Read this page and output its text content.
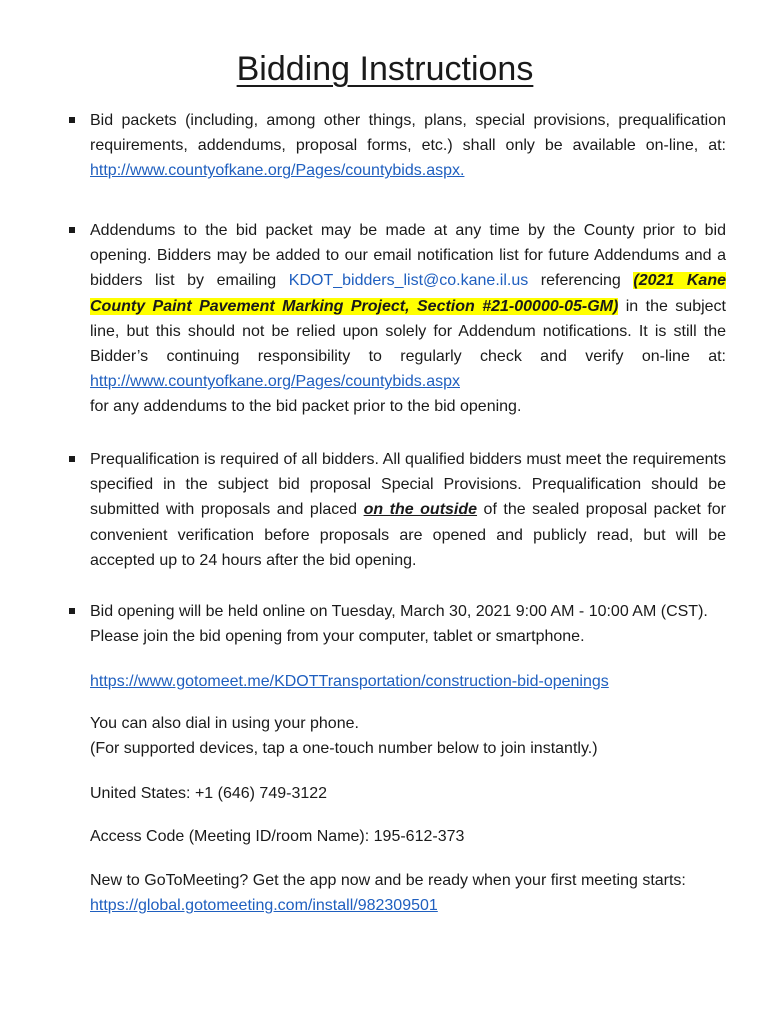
Bidding Instructions
Bid packets (including, among other things, plans, special provisions, prequalification requirements, addendums, proposal forms, etc.) shall only be available on-line, at: http://www.countyofkane.org/Pages/countybids.aspx.
Addendums to the bid packet may be made at any time by the County prior to bid opening. Bidders may be added to our email notification list for future Addendums and a bidders list by emailing KDOT_bidders_list@co.kane.il.us referencing (2021 Kane County Paint Pavement Marking Project, Section #21-00000-05-GM) in the subject line, but this should not be relied upon solely for Addendum notifications. It is still the Bidder’s continuing responsibility to regularly check and verify on-line at: http://www.countyofkane.org/Pages/countybids.aspx
for any addendums to the bid packet prior to the bid opening.
Prequalification is required of all bidders. All qualified bidders must meet the requirements specified in the subject bid proposal Special Provisions. Prequalification should be submitted with proposals and placed on the outside of the sealed proposal packet for convenient verification before proposals are opened and publicly read, but will be accepted up to 24 hours after the bid opening.
Bid opening will be held online on Tuesday, March 30, 2021 9:00 AM - 10:00 AM (CST). Please join the bid opening from your computer, tablet or smartphone.
https://www.gotomeet.me/KDOTTransportation/construction-bid-openings
You can also dial in using your phone.
(For supported devices, tap a one-touch number below to join instantly.)
United States: +1 (646) 749-3122
Access Code (Meeting ID/room Name): 195-612-373
New to GoToMeeting? Get the app now and be ready when your first meeting starts: https://global.gotomeeting.com/install/982309501
